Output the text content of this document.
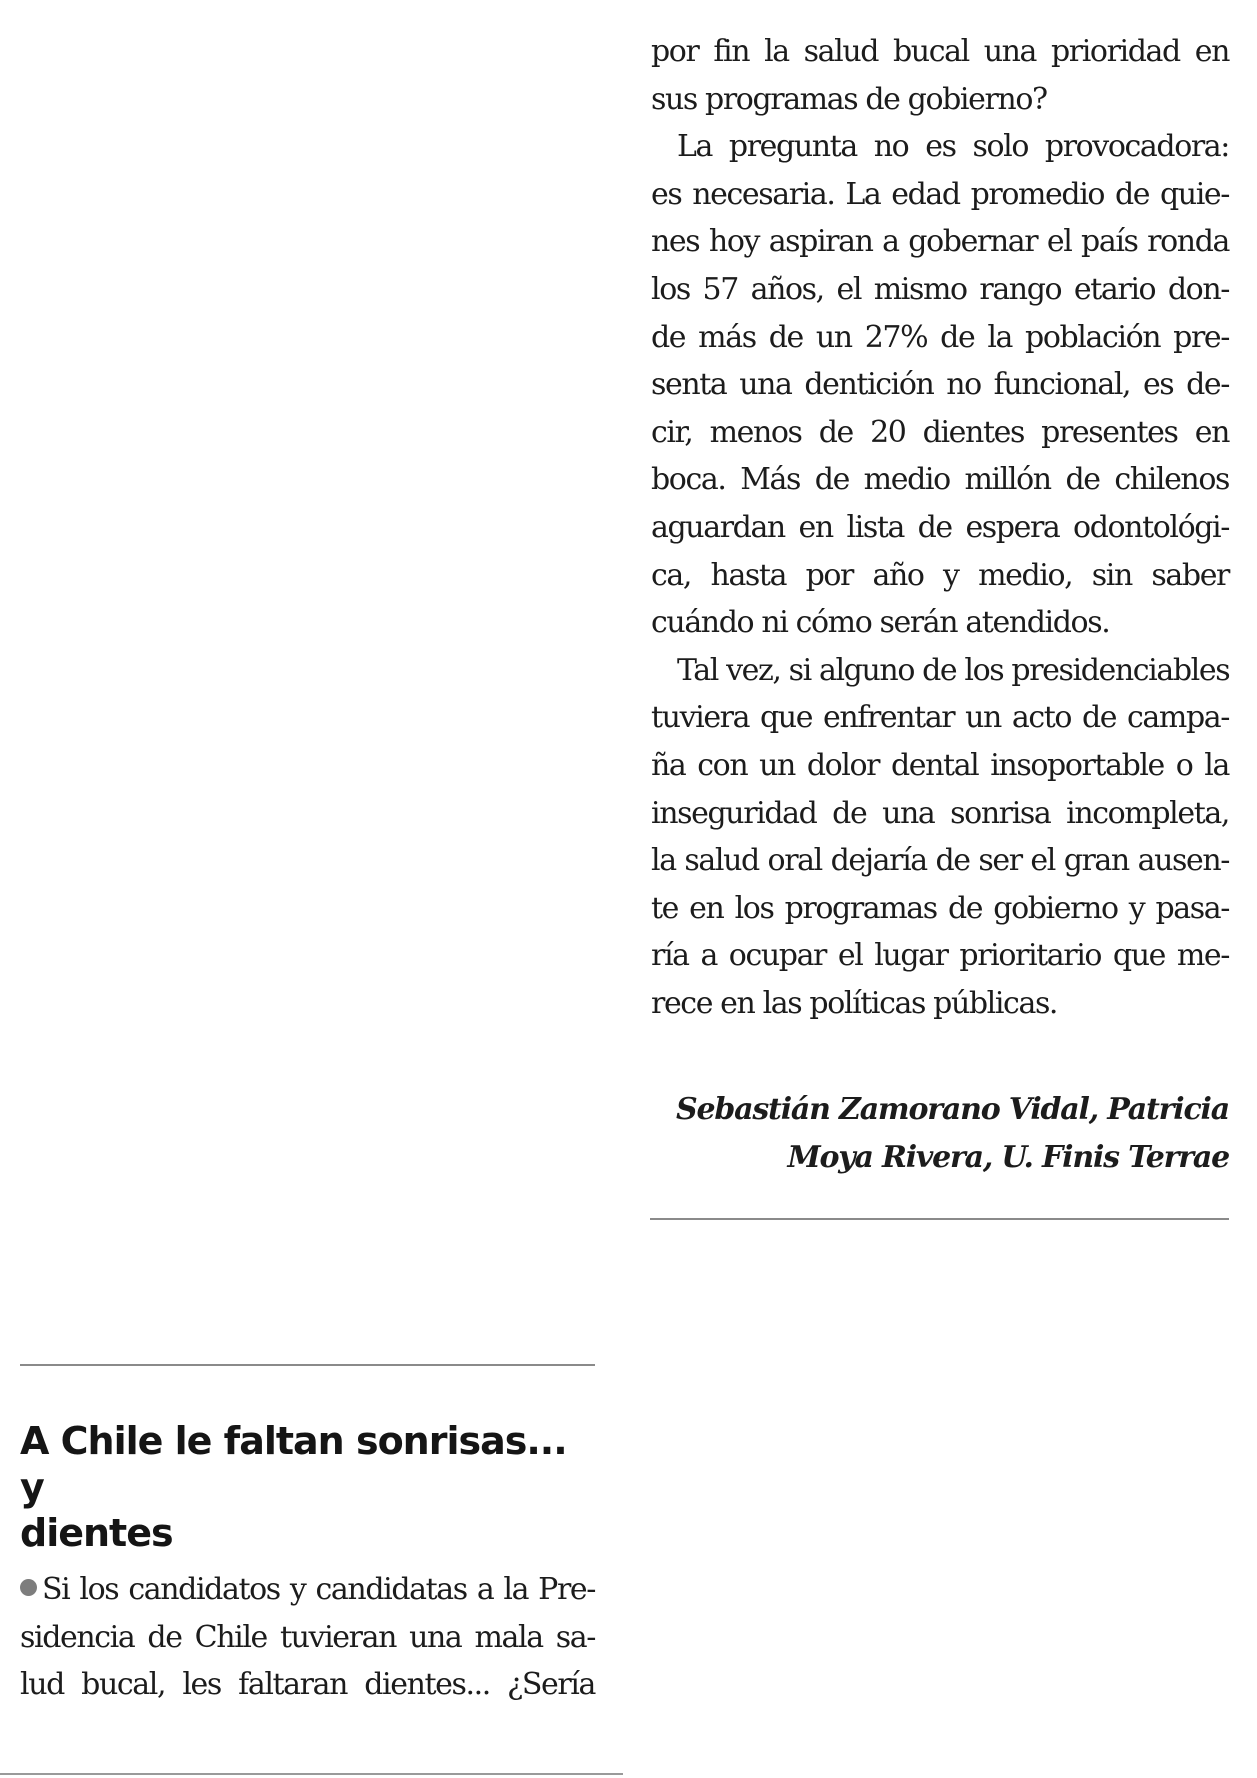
por fin la salud bucal una prioridad en
sus programas de gobierno?

La pregunta no es solo provocadora:
es necesaria. La edad promedio de quie-
nes hoy aspiran a gobernar el país ronda
los 57 años, el mismo rango etario don-
de más de un 27% de la población pre-
senta una dentición no funcional, es de-
cir, menos de 20 dientes presentes en
boca. Más de medio millón de chilenos
aguardan en lista de espera odontológi-
ca, hasta por año y medio, sin saber
cuándo ni cómo serán atendidos.

Tal vez, si alguno de los presidenciables
tuviera que enfrentar un acto de campa-
ña con un dolor dental insoportable o la
inseguridad de una sonrisa incompleta,
la salud oral dejaría de ser el gran ausen-
te en los programas de gobierno y pasa-
ría a ocupar el lugar prioritario que me-
rece en las políticas públicas.

Sebastián Zamorano Vidal, Patricia
Moya Rivera, U. Finis Terrae
A Chile le faltan sonrisas... y
dientes

Si los candidatos y candidatas a la Pre-
sidencia de Chile tuvieran una mala sa-
lud bucal, les faltaran dientes... ¿Sería
